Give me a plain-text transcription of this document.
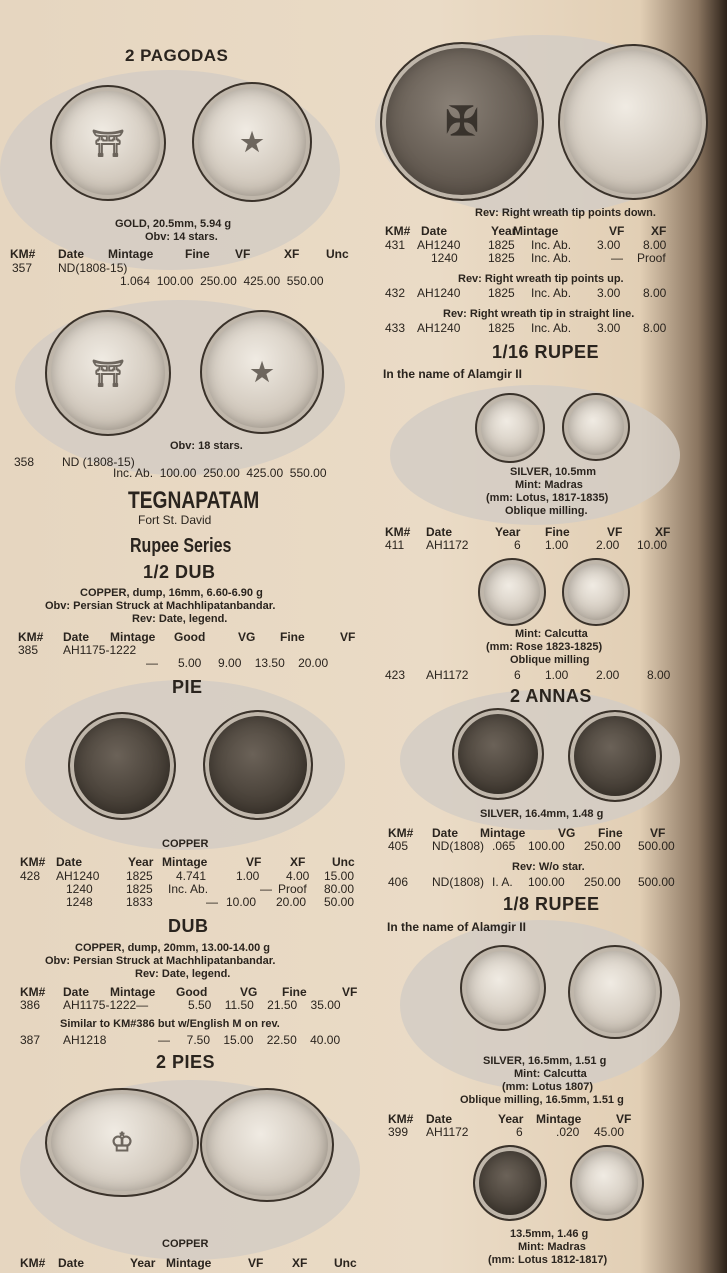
2 PAGODAS
⛩	★
GOLD, 20.5mm, 5.94 g
Obv: 14 stars.
KM# Date Mintage	Fine VF	XF Unc
357 ND(1808-15)
1.064  100.00  250.00  425.00  550.00
⛩	★
Obv: 18 stars.
358 ND (1808-15)
Inc. Ab.  100.00  250.00  425.00  550.00
TEGNAPATAM
Fort St. David
Rupee Series
1/2 DUB
COPPER, dump, 16mm, 6.60-6.90 g
Obv: Persian Struck at Machhlipatanbandar.
Rev: Date, legend.
KM# Date Mintage Good	VG Fine	VF
385 AH1175-1222
—      5.00     9.00    13.50    20.00
PIE
COPPER
KM# Date	Year Mintage	VF XF Unc
428 AH1240 1825 4.741 1.00 4.00 15.00
1240	1825 Inc. Ab.	— Proof 80.00
1248	1833	— 10.00 20.00 50.00
DUB
COPPER, dump, 20mm, 13.00-14.00 g
Obv: Persian Struck at Machhlipatanbandar.
Rev: Date, legend.
KM# Date Mintage Good	VG Fine	VF
386 AH1175-1222—	5.50    11.50    21.50    35.00
Similar to KM#386 but w/English M on rev.
387 AH1218	—     7.50    15.00    22.50    40.00
2 PIES
♔
COPPER
KM# Date	Year Mintage	VF XF Unc
✠
Rev: Right wreath tip points down.
KM# Date	Year
Mintage	VF XF
431 AH1240 1825 Inc. Ab. 3.00 8.00
1240	1825 Inc. Ab.	— Proof
Rev: Right wreath tip points up.
432 AH1240 1825 Inc. Ab. 3.00 8.00
Rev: Right wreath tip in straight line.
433 AH1240 1825 Inc. Ab. 3.00 8.00
1/16 RUPEE
In the name of Alamgir II
SILVER, 10.5mm
Mint: Madras
(mm: Lotus, 1817-1835)
Oblique milling.
KM# Date	Year Fine	VF	XF
411 AH1172	6 1.00 2.00 10.00
Mint: Calcutta
(mm: Rose 1823-1825)
Oblique milling
423 AH1172	6 1.00 2.00 8.00
2 ANNAS
SILVER, 16.4mm, 1.48 g
KM# Date Mintage	VG Fine VF
405 ND(1808) .065 100.00 250.00 500.00
Rev: W/o star.
406 ND(1808) I. A. 100.00 250.00 500.00
1/8 RUPEE
In the name of Alamgir II
SILVER, 16.5mm, 1.51 g
Mint: Calcutta
(mm: Lotus 1807)
Oblique milling, 16.5mm, 1.51 g
KM# Date	Year Mintage	VF
399 AH1172	6	.020 45.00
13.5mm, 1.46 g
Mint: Madras
(mm: Lotus 1812-1817)
